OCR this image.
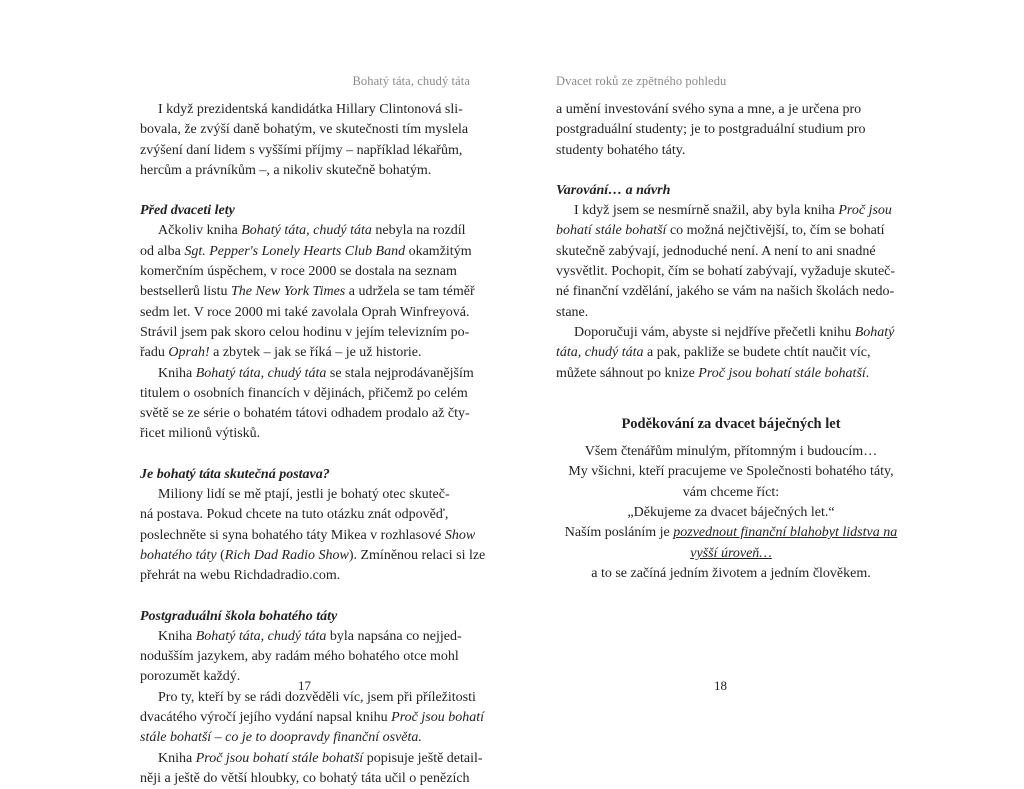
Bohatý táta, chudý táta

I když prezidentská kandidátka Hillary Clintonová sli-
bovala, že zvýší daně bohatým, ve skutečnosti tím myslela
zvýšení daní lidem s vyššími příjmy – například lékařům,
hercům a právníkům –, a nikoliv skutečně bohatým.

Před dvaceti lety

Ačkoliv kniha Bohatý táta, chudý táta nebyla na rozdíl
od alba Sgt. Pepper's Lonely Hearts Club Band okamžitým
komerčním úspěchem, v roce 2000 se dostala na seznam
bestsellerů listu The New York Times a udržela se tam téměř
sedm let. V roce 2000 mi také zavolala Oprah Winfreyová.
Strávil jsem pak skoro celou hodinu v jejím televizním po-
řadu Oprah! a zbytek – jak se říká – je už historie.
Kniha Bohatý táta, chudý táta se stala nejprodávanějším
titulem o osobních financích v dějinách, přičemž po celém
světě se ze série o bohatém tátovi odhadem prodalo až čty-
řicet milionů výtisků.

Je bohatý táta skutečná postava?

Miliony lidí se mě ptají, jestli je bohatý otec skuteč-
ná postava. Pokud chcete na tuto otázku znát odpověď,
poslechněte si syna bohatého táty Mikea v rozhlasové Show
bohatého táty (Rich Dad Radio Show). Zmíněnou relaci si lze
přehrát na webu Richdadradio.com.

Postgraduální škola bohatého táty

Kniha Bohatý táta, chudý táta byla napsána co nejjed-
nodušším jazykem, aby radám mého bohatého otce mohl
porozumět každý.
Pro ty, kteří by se rádi dozvěděli víc, jsem při příležitosti
dvacátého výročí jejího vydání napsal knihu Proč jsou bohatí
stále bohatší – co je to doopravdy finanční osvěta.
Kniha Proč jsou bohatí stále bohatší popisuje ještě detail-
něji a ještě do větší hloubky, co bohatý táta učil o penězích

17
Dvacet roků ze zpětného pohledu

a umění investování svého syna a mne, a je určena pro
postgraduální studenty; je to postgraduální studium pro
studenty bohatého táty.

Varování… a návrh

I když jsem se nesmírně snažil, aby byla kniha Proč jsou
bohatí stále bohatší co možná nejčtivější, to, čím se bohatí
skutečně zabývají, jednoduché není. A není to ani snadné
vysvětlit. Pochopit, čím se bohatí zabývají, vyžaduje skuteč-
né finanční vzdělání, jakého se vám na našich školách nedo-
stane.
Doporučuji vám, abyste si nejdříve přečetli knihu Bohatý
táta, chudý táta a pak, pakliže se budete chtít naučit víc,
můžete sáhnout po knize Proč jsou bohatí stále bohatší.

Poděkování za dvacet báječných let

Všem čtenářům minulým, přítomným i budoucím…
My všichni, kteří pracujeme ve Společnosti bohatého táty,
vám chceme říct:
„Děkujeme za dvacet báječných let.“
Naším posláním je pozvednout finanční blahobyt lidstva na
vyšší úroveň…
a to se začíná jedním životem a jedním člověkem.

18
